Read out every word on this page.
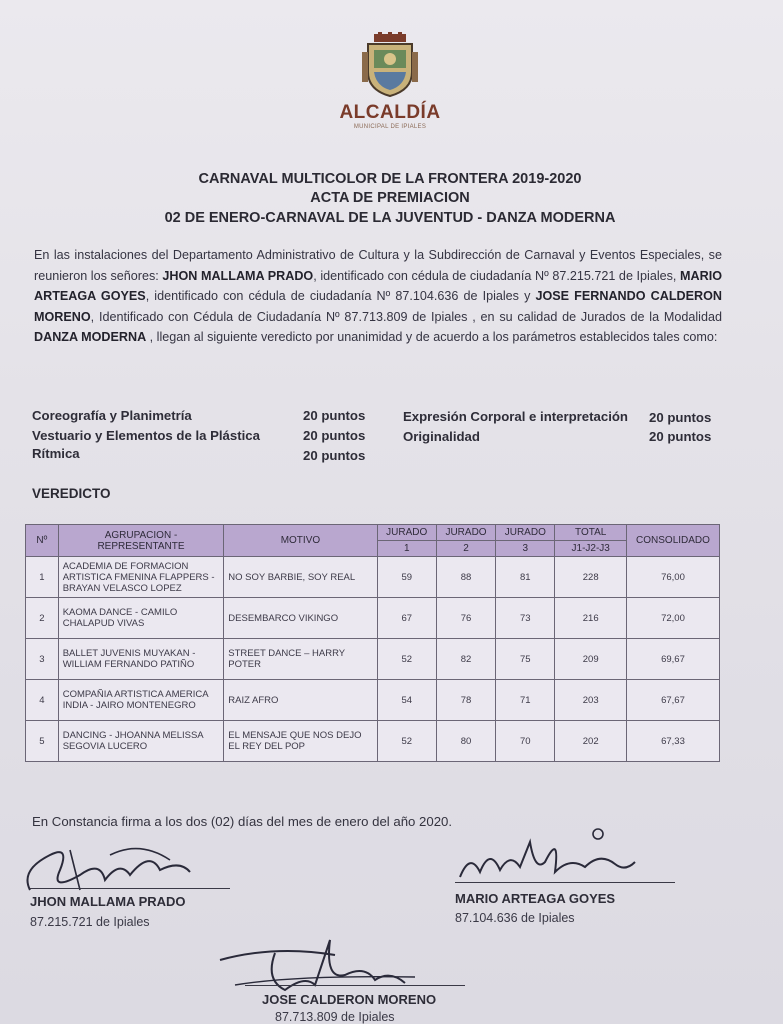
ALCALDÍA
MUNICIPAL DE IPIALES
CARNAVAL MULTICOLOR DE LA FRONTERA 2019-2020
ACTA DE PREMIACION
02 DE ENERO-CARNAVAL DE LA JUVENTUD - DANZA MODERNA
En las instalaciones del Departamento Administrativo de Cultura y la Subdirección de Carnaval y Eventos Especiales, se reunieron los señores: JHON MALLAMA PRADO, identificado con cédula de ciudadanía Nº 87.215.721 de Ipiales, MARIO ARTEAGA GOYES, identificado con cédula de ciudadanía Nº 87.104.636 de Ipiales y JOSE FERNANDO CALDERON MORENO, Identificado con Cédula de Ciudadanía Nº 87.713.809 de Ipiales , en su calidad de Jurados de la Modalidad DANZA MODERNA , llegan al siguiente veredicto por unanimidad y de acuerdo a los parámetros establecidos tales como:
Coreografía y Planimetría	20 puntos
Vestuario y Elementos de la Plástica	20 puntos
Rítmica	20 puntos
Expresión Corporal e interpretación 20 puntos
Originalidad	20 puntos
VEREDICTO
Nº	AGRUPACION - REPRESENTANTE	MOTIVO	JURADO	JURADO	JURADO	TOTAL	CONSOLIDADO
			1	2	3	J1-J2-J3	
1	ACADEMIA DE FORMACION ARTISTICA FMENINA FLAPPERS - BRAYAN VELASCO LOPEZ	NO SOY BARBIE, SOY REAL	59	88	81	228	76,00
2	KAOMA DANCE - CAMILO CHALAPUD VIVAS	DESEMBARCO VIKINGO	67	76	73	216	72,00
3	BALLET JUVENIS MUYAKAN - WILLIAM FERNANDO PATIÑO	STREET DANCE – HARRY POTER	52	82	75	209	69,67
4	COMPAÑIA ARTISTICA AMERICA INDIA - JAIRO MONTENEGRO	RAIZ AFRO	54	78	71	203	67,67
5	DANCING - JHOANNA MELISSA SEGOVIA LUCERO	EL MENSAJE QUE NOS DEJO EL REY DEL POP	52	80	70	202	67,33
En Constancia firma a los dos (02) días del mes de enero del año 2020.
JHON MALLAMA PRADO
87.215.721 de Ipiales
MARIO ARTEAGA GOYES
87.104.636 de Ipiales
JOSE CALDERON MORENO
87.713.809 de Ipiales
